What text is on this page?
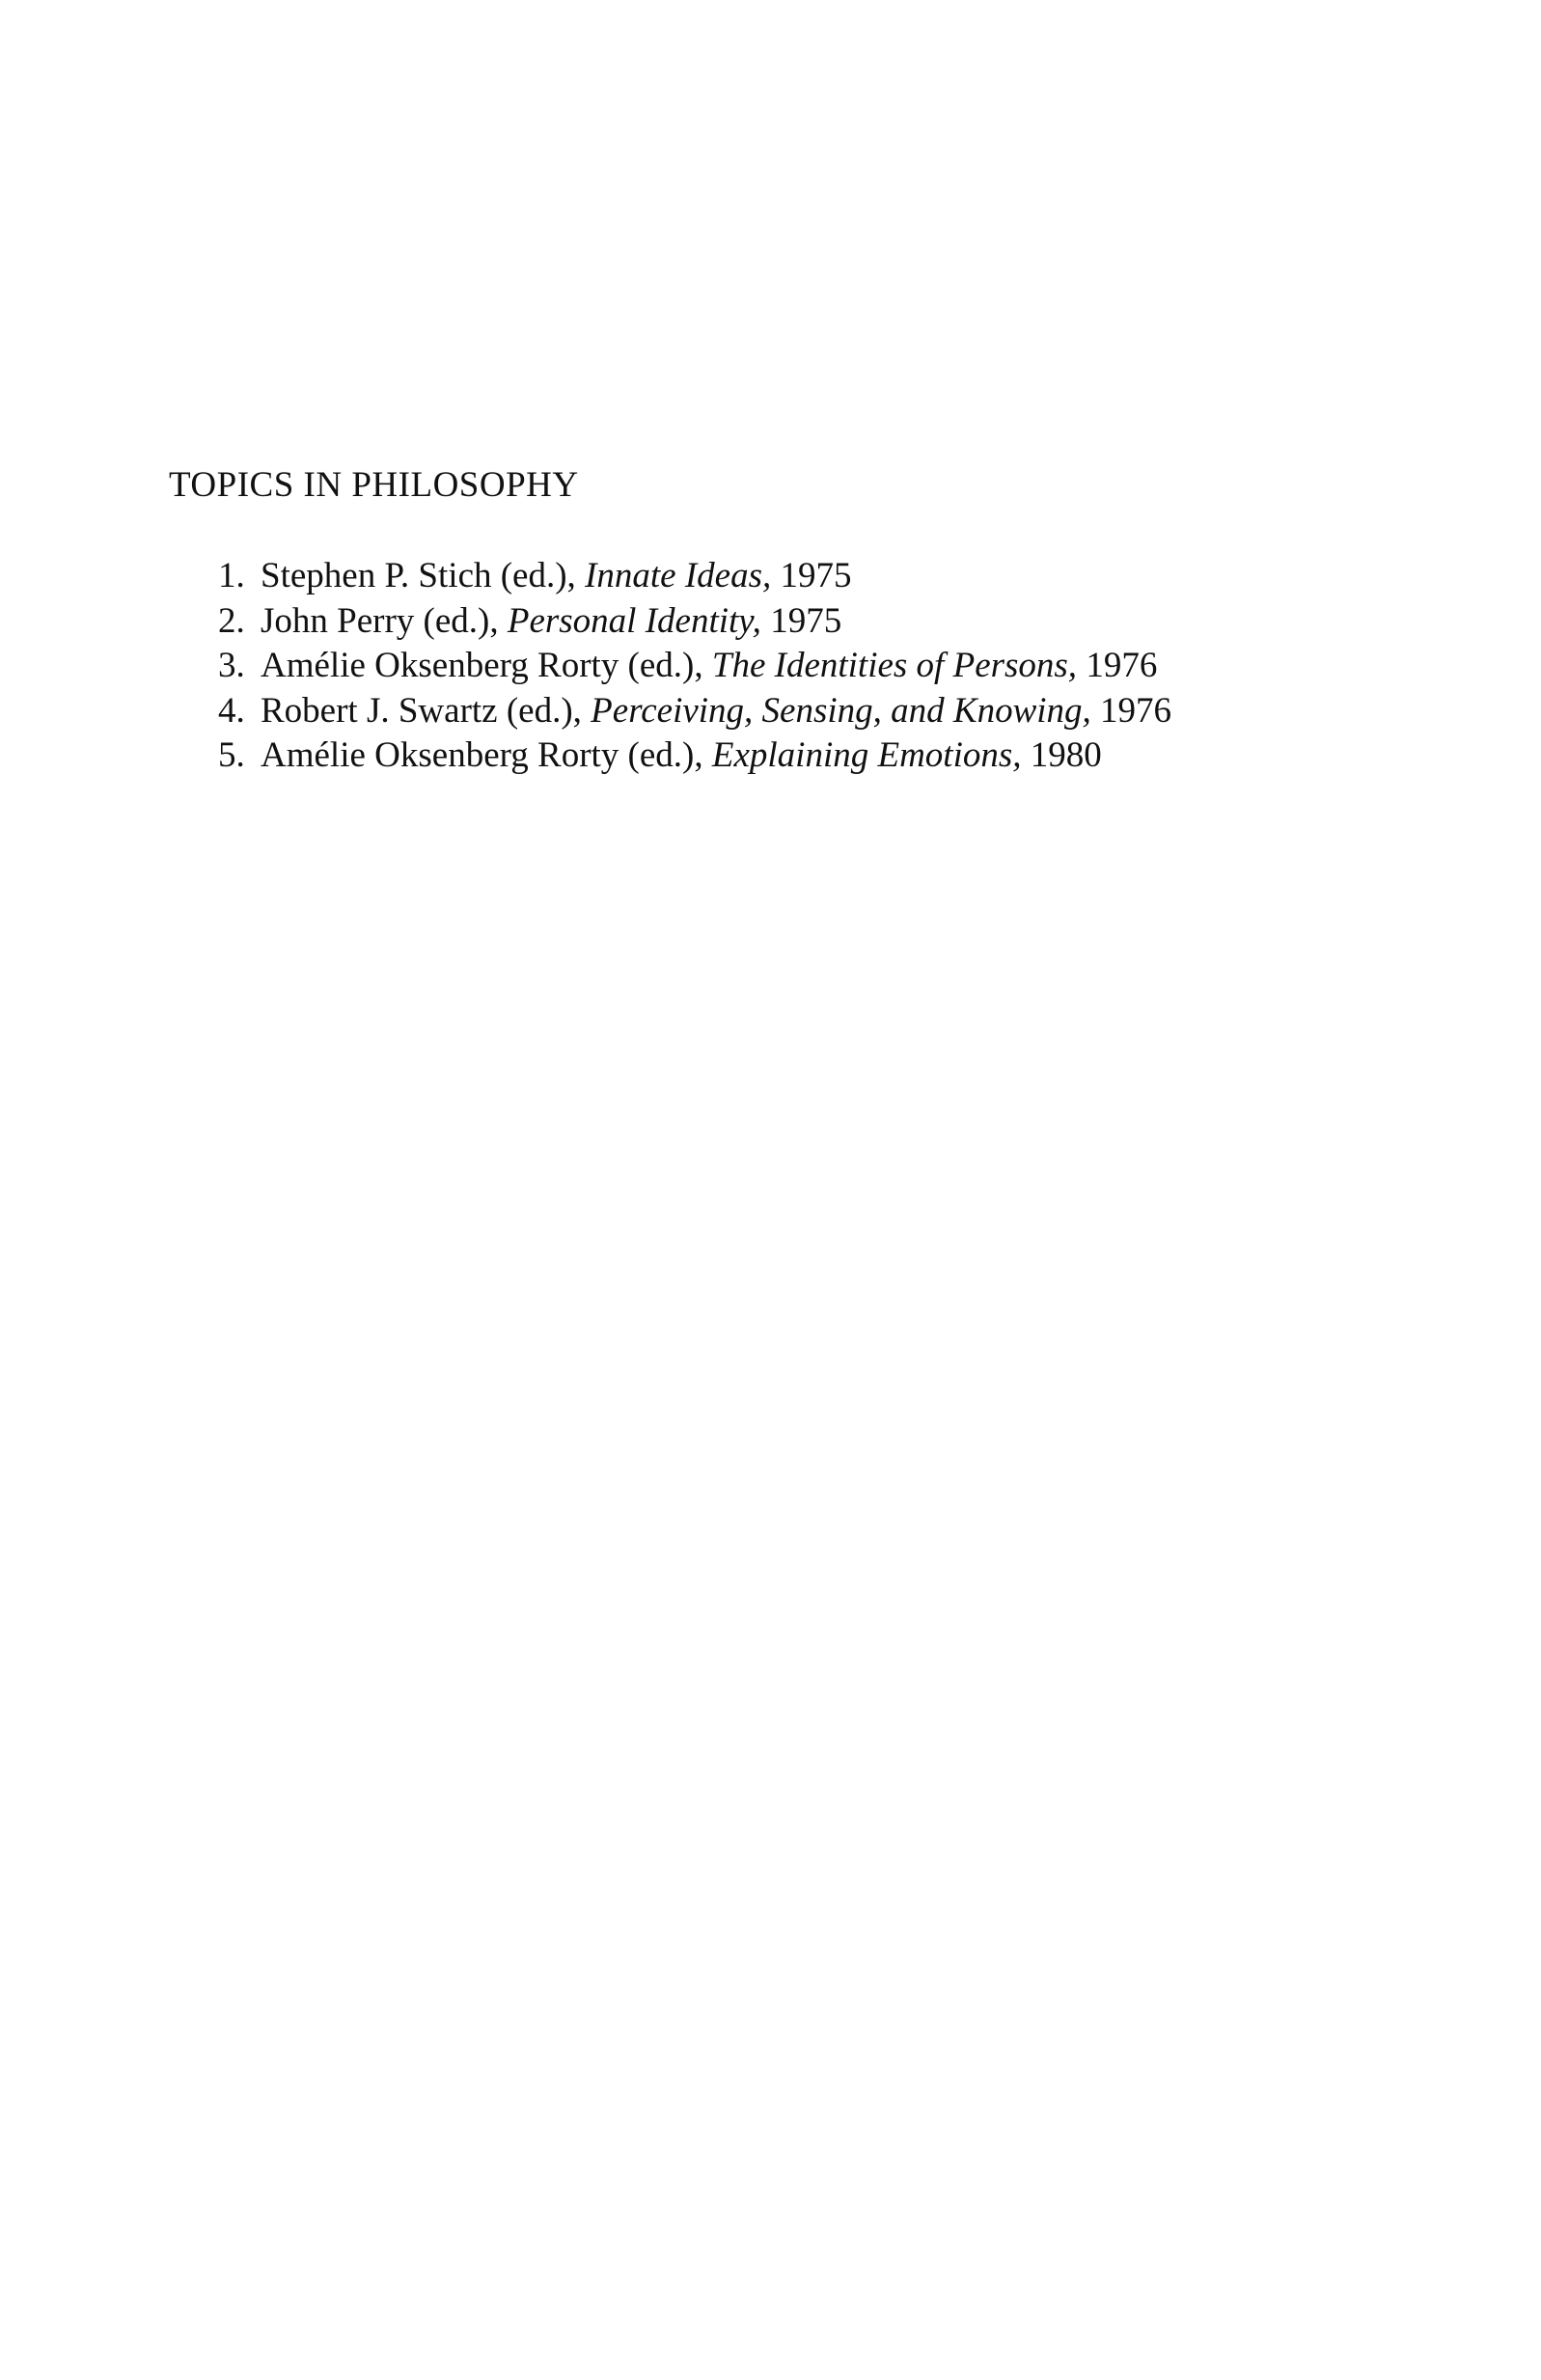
TOPICS IN PHILOSOPHY
1. Stephen P. Stich (ed.), Innate Ideas, 1975
2. John Perry (ed.), Personal Identity, 1975
3. Amélie Oksenberg Rorty (ed.), The Identities of Persons, 1976
4. Robert J. Swartz (ed.), Perceiving, Sensing, and Knowing, 1976
5. Amélie Oksenberg Rorty (ed.), Explaining Emotions, 1980
